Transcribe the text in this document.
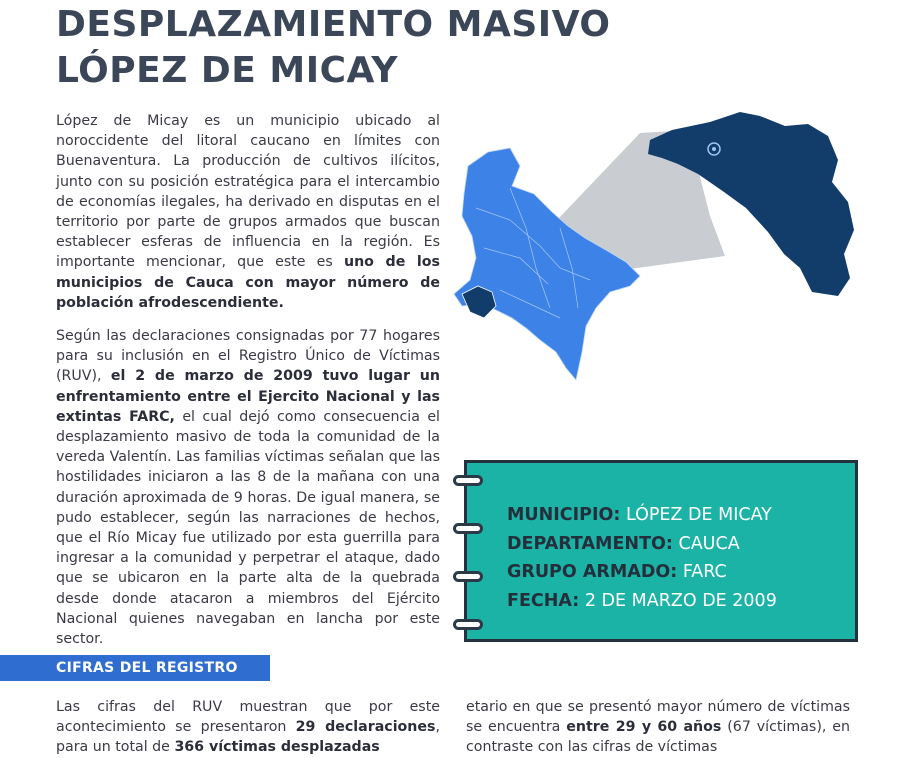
DESPLAZAMIENTO MASIVO
LÓPEZ DE MICAY

López de Micay es un municipio ubicado al noroccidente del litoral caucano en límites con Buenaventura. La producción de cultivos ilícitos, junto con su posición estratégica para el intercambio de economías ilegales, ha derivado en disputas en el territorio por parte de grupos armados que buscan establecer esferas de influencia en la región. Es importante mencionar, que este es uno de los municipios de Cauca con mayor número de población afrodescendiente.

Según las declaraciones consignadas por 77 hogares para su inclusión en el Registro Único de Víctimas (RUV), el 2 de marzo de 2009 tuvo lugar un enfrentamiento entre el Ejercito Nacional y las extintas FARC, el cual dejó como consecuencia el desplazamiento masivo de toda la comunidad de la vereda Valentín. Las familias víctimas señalan que las hostilidades iniciaron a las 8 de la mañana con una duración aproximada de 9 horas. De igual manera, se pudo establecer, según las narraciones de hechos, que el Río Micay fue utilizado por esta guerrilla para ingresar a la comunidad y perpetrar el ataque, dado que se ubicaron en la parte alta de la quebrada desde donde atacaron a miembros del Ejército Nacional quienes navegaban en lancha por este sector.

MUNICIPIO: LÓPEZ DE MICAY
DEPARTAMENTO: CAUCA
GRUPO ARMADO: FARC
FECHA: 2 DE MARZO DE 2009
CIFRAS DEL REGISTRO

Las cifras del RUV muestran que por este acontecimiento se presentaron 29 declaraciones, para un total de 366 víctimas desplazadas

etario en que se presentó mayor número de víctimas se encuentra entre 29 y 60 años (67 víctimas), en contraste con las cifras de víctimas
